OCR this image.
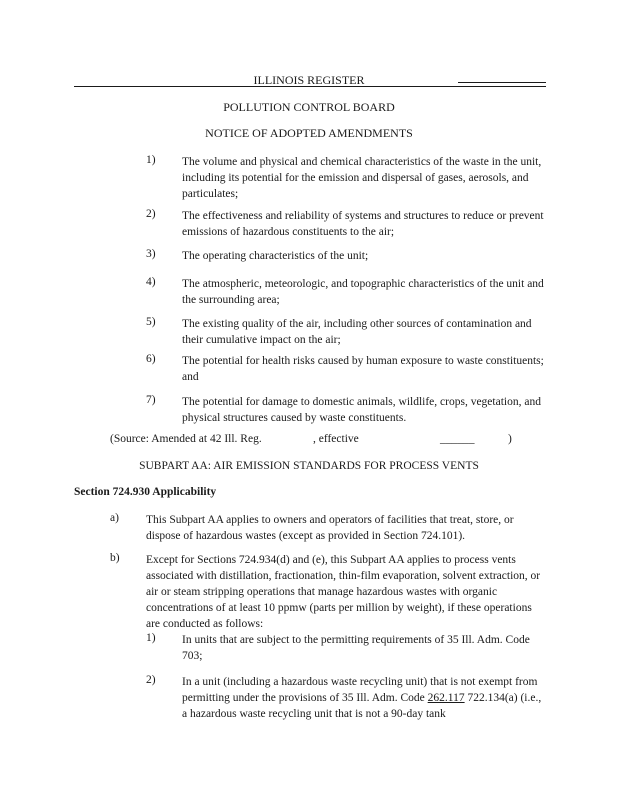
ILLINOIS REGISTER
POLLUTION CONTROL BOARD
NOTICE OF ADOPTED AMENDMENTS
1)	The volume and physical and chemical characteristics of the waste in the unit, including its potential for the emission and dispersal of gases, aerosols, and particulates;
2)	The effectiveness and reliability of systems and structures to reduce or prevent emissions of hazardous constituents to the air;
3)	The operating characteristics of the unit;
4)	The atmospheric, meteorologic, and topographic characteristics of the unit and the surrounding area;
5)	The existing quality of the air, including other sources of contamination and their cumulative impact on the air;
6)	The potential for health risks caused by human exposure to waste constituents; and
7)	The potential for damage to domestic animals, wildlife, crops, vegetation, and physical structures caused by waste constituents.
(Source: Amended at 42 Ill. Reg.	, effective	______	)
SUBPART AA: AIR EMISSION STANDARDS FOR PROCESS VENTS
Section 724.930 Applicability
a)	This Subpart AA applies to owners and operators of facilities that treat, store, or dispose of hazardous wastes (except as provided in Section 724.101).
b)	Except for Sections 724.934(d) and (e), this Subpart AA applies to process vents associated with distillation, fractionation, thin-film evaporation, solvent extraction, or air or steam stripping operations that manage hazardous wastes with organic concentrations of at least 10 ppmw (parts per million by weight), if these operations are conducted as follows:
1)	In units that are subject to the permitting requirements of 35 Ill. Adm. Code 703;
2)	In a unit (including a hazardous waste recycling unit) that is not exempt from permitting under the provisions of 35 Ill. Adm. Code 262.117 722.134(a) (i.e., a hazardous waste recycling unit that is not a 90-day tank
